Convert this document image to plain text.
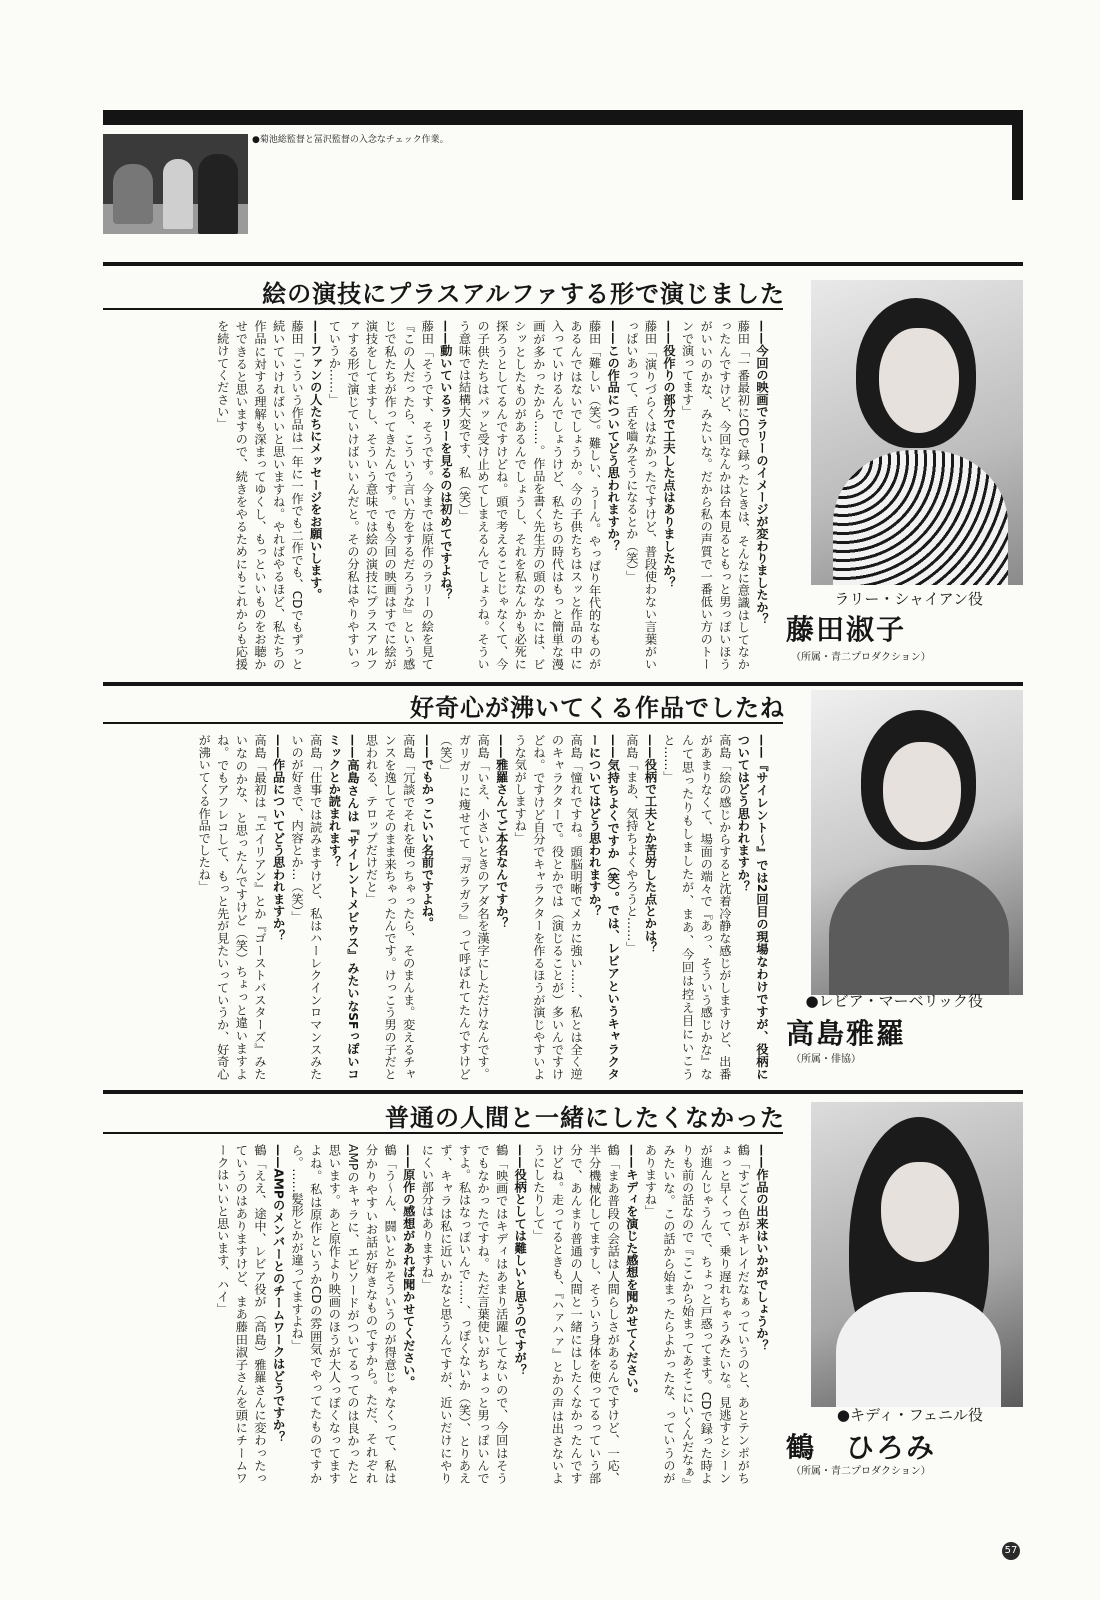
●菊池総監督と冨沢監督の入念なチェック作業。
絵の演技にプラスアルファする形で演じました

——今回の映画でラリーのイメージが変わりましたか？

藤田「一番最初にCDで録ったときは、そんなに意識はしてなかったんですけど、今回なんかは台本見るともっと男っぽいほうがいいのかな、みたいな。だから私の声質で一番低い方のトーンで演ってます」

——役作りの部分で工夫した点はありましたか？

藤田「演りづらくはなかったですけど、普段使わない言葉がいっぱいあって、舌を嚙みそうになるとか（笑）」

——この作品についてどう思われますか？

藤田「難しい（笑）。難しい、うーん。やっぱり年代的なものがあるんではないでしょうか。今の子供たちはスッと作品の中に入っていけるんでしょうけど、私たちの時代はもっと簡単な漫画が多かったから……。作品を書く先生方の頭のなかには、ビシッとしたものがあるんでしょうし、それを私なんかも必死に探ろうとしてるんですけどね。頭で考えることじゃなくて、今の子供たちはパッと受け止めてしまえるんでしょうね。そういう意味では結構大変です、私（笑）」

——動いているラリーを見るのは初めてですよね？

藤田「そうです、そうです。今までは原作のラリーの絵を見て『この人だったら、こういう言い方をするだろうな』という感じで私たちが作ってきたんです。でも今回の映画はすでに絵が演技をしてますし、そういう意味では絵の演技にプラスアルファする形で演じていけばいいんだと。その分私はやりやすいっていうか……」

——ファンの人たちにメッセージをお願いします。

藤田「こういう作品は一年に一作でも二作でも、CDでもずっと続いていければいいと思いますね。やればやるほど、私たちの作品に対する理解も深まってゆくし、もっといいものをお聴かせできると思いますので、続きをやるためにもこれからも応援を続けてください」

ラリー・シャイアン役
藤田淑子
（所属・青二プロダクション）
好奇心が沸いてくる作品でしたね

——『サイレント〜』では2回目の現場なわけですが、役柄についてはどう思われますか？

高島「絵の感じからすると沈着冷静な感じがしますけど、出番があまりなくて、場面の端々で『あっ、そういう感じかな』なんて思ったりもしましたが、まあ、今回は控え目にいこうと……」

——役柄で工夫とか苦労した点とかは？

高島「まあ、気持ちよくやろうと……」

——気持ちよくですか（笑）。では、レビアというキャラクターについてはどう思われますか？

高島「憧れですね。頭脳明晰でメカに強い……、私とは全く逆のキャラクターで。役とかでは（演じることが）多いんですけどね。ですけど自分でキャラクターを作るほうが演じやすいような気がしますね」

——雅羅さんてご本名なんですか？

高島「いえ、小さいときのアダ名を漢字にしただけなんです。ガリガリに痩せてて『ガラガラ』って呼ばれてたんですけど（笑）」

——でもかっこいい名前ですよね。

高島「冗談でそれを使っちゃったら、そのまんま。変えるチャンスを逸してそのまま来ちゃったんです。けっこう男の子だと思われる、テロップだけだと」

——高島さんは『サイレントメビウス』みたいなSFっぽいコミックとか読まれます？

高島「仕事では読みますけど、私はハーレクインロマンスみたいのが好きで、内容とか…（笑）」

——作品についてどう思われますか？

高島「最初は『エイリアン』とか『ゴーストバスターズ』みたいなのかな、と思ったんですけど（笑）ちょっと違いますよね。でもアフレコして、もっと先が見たいっていうか、好奇心が沸いてくる作品でしたね」

●レビア・マーベリック役
高島雅羅
（所属・俳協）
普通の人間と一緒にしたくなかった

——作品の出来はいかがでしょうか？

鶴「すごく色がキレイだなぁっていうのと、あとテンポがちょっと早くって、乗り遅れちゃうみたいな。見逃すとシーンが進んじゃうんで、ちょっと戸惑ってます。CDで録った時よりも前の話なので『ここから始まってあそこにいくんだなぁ』みたいな。この話から始まったらよかったな、っていうのがありますね」

——キディを演じた感想を聞かせてください。

鶴「まあ普段の会話は人間らしさがあるんですけど、一応、半分機械化してますし、そういう身体を使ってるっていう部分で、あんまり普通の人間と一緒にはしたくなかったんですけどね。走ってるときも、『ハァハァ』とかの声は出さないようにしたりして」

——役柄としては難しいと思うのですが？

鶴「映画ではキディはあまり活躍してないので、今回はそうでもなかったですね。ただ言葉使いがちょっと男っぽいんですよ。私はなっぽいんで……、っぽくないか（笑）、とりあえず、キャラは私に近いかなと思うんですが、近いだけにやりにくい部分はありますね」

——原作の感想があれば聞かせてください。

鶴「う〜ん、闘いとかそういうのが得意じゃなくって、私は分かりやすいお話が好きなものですから。ただ、それぞれAMPのキャラに、エピソードがついてるってのは良かったと思います。あと原作より映画のほうが大人っぽくなってますよね。私は原作というかCDの雰囲気でやってたものですから。……髪形とかが違ってますよね」

——AMPのメンバーとのチームワークはどうですか？

鶴「ええ、途中、レビア役が（高島）雅羅さんに変わったっていうのはありますけど、まあ藤田淑子さんを頭にチームワークはいいと思います、ハイ」

●キディ・フェニル役
鶴　ひろみ
（所属・青二プロダクション）
57
